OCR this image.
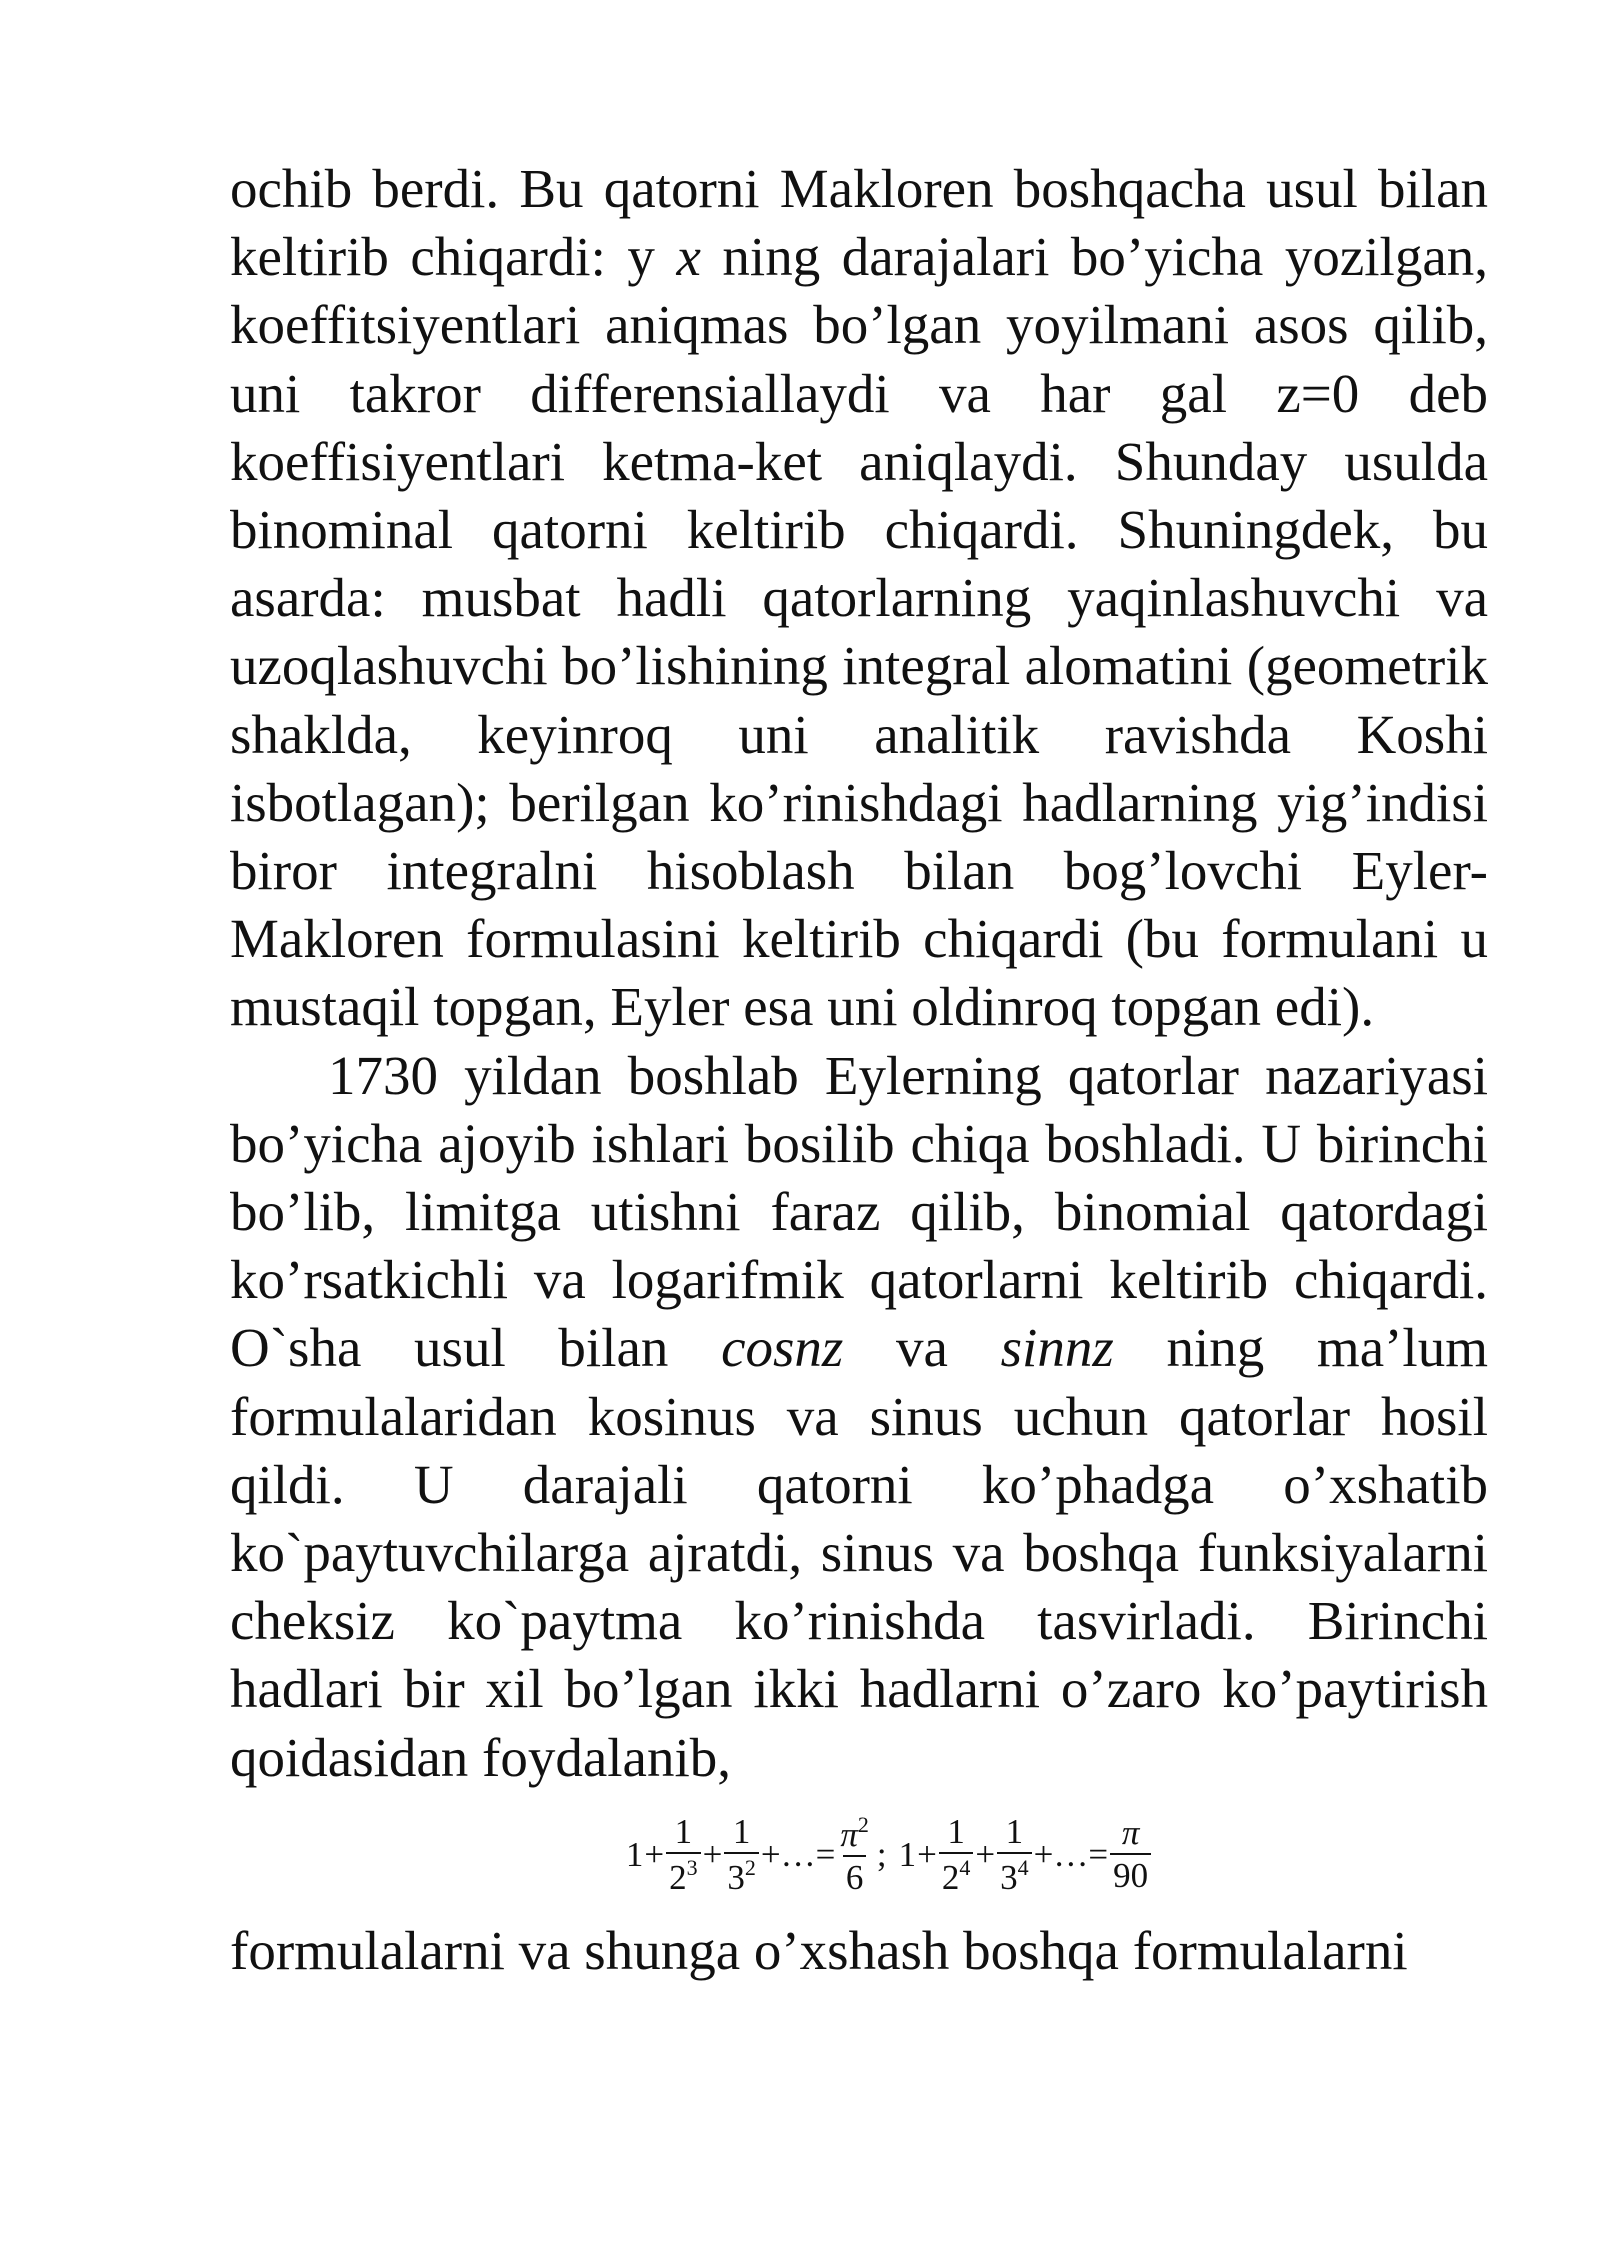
ochib berdi. Bu qatorni Makloren boshqacha usul bilan keltirib chiqardi: y x ning darajalari bo’yicha yozilgan, koeffitsiyentlari aniqmas bo’lgan yoyilmani asos qilib, uni takror differensiallaydi va har gal z=0 deb koeffisiyentlari ketma-ket aniqlaydi. Shunday usulda binominal qatorni keltirib chiqardi. Shuningdek, bu asarda: musbat hadli qatorlarning yaqinlashuvchi va uzoqlashuvchi bo’lishining integral alomatini (geometrik shaklda, keyinroq uni analitik ravishda Koshi isbotlagan); berilgan ko’rinishdagi hadlarning yig’indisi biror integralni hisoblash bilan bog’lovchi Eyler-Makloren formulasini keltirib chiqardi (bu formulani u mustaqil topgan, Eyler esa uni oldinroq topgan edi).

1730 yildan boshlab Eylerning qatorlar nazariyasi bo’yicha ajoyib ishlari bosilib chiqa boshladi. U birinchi bo’lib, limitga utishni faraz qilib, binomial qatordagi ko’rsatkichli va logarifmik qatorlarni keltirib chiqardi. O`sha usul bilan cosnz va sinnz ning ma’lum formulalaridan kosinus va sinus uchun qatorlar hosil qildi. U darajali qatorni ko’phadga o’xshatib ko`paytuvchilarga ajratdi, sinus va boshqa funksiyalarni cheksiz ko`paytma ko’rinishda tasvirladi. Birinchi hadlari bir xil bo’lgan ikki hadlarni o’zaro ko’paytirish qoidasidan foydalanib,

$1 + \frac{1}{2^3} + \frac{1}{3^2}$ +…= $\frac{\pi^2}{6}$ ; $1 + \frac{1}{2^4} + \frac{1}{3^4}$ +…= $\frac{\pi}{90}$

formulalarni va shunga o’xshash boshqa formulalarni
